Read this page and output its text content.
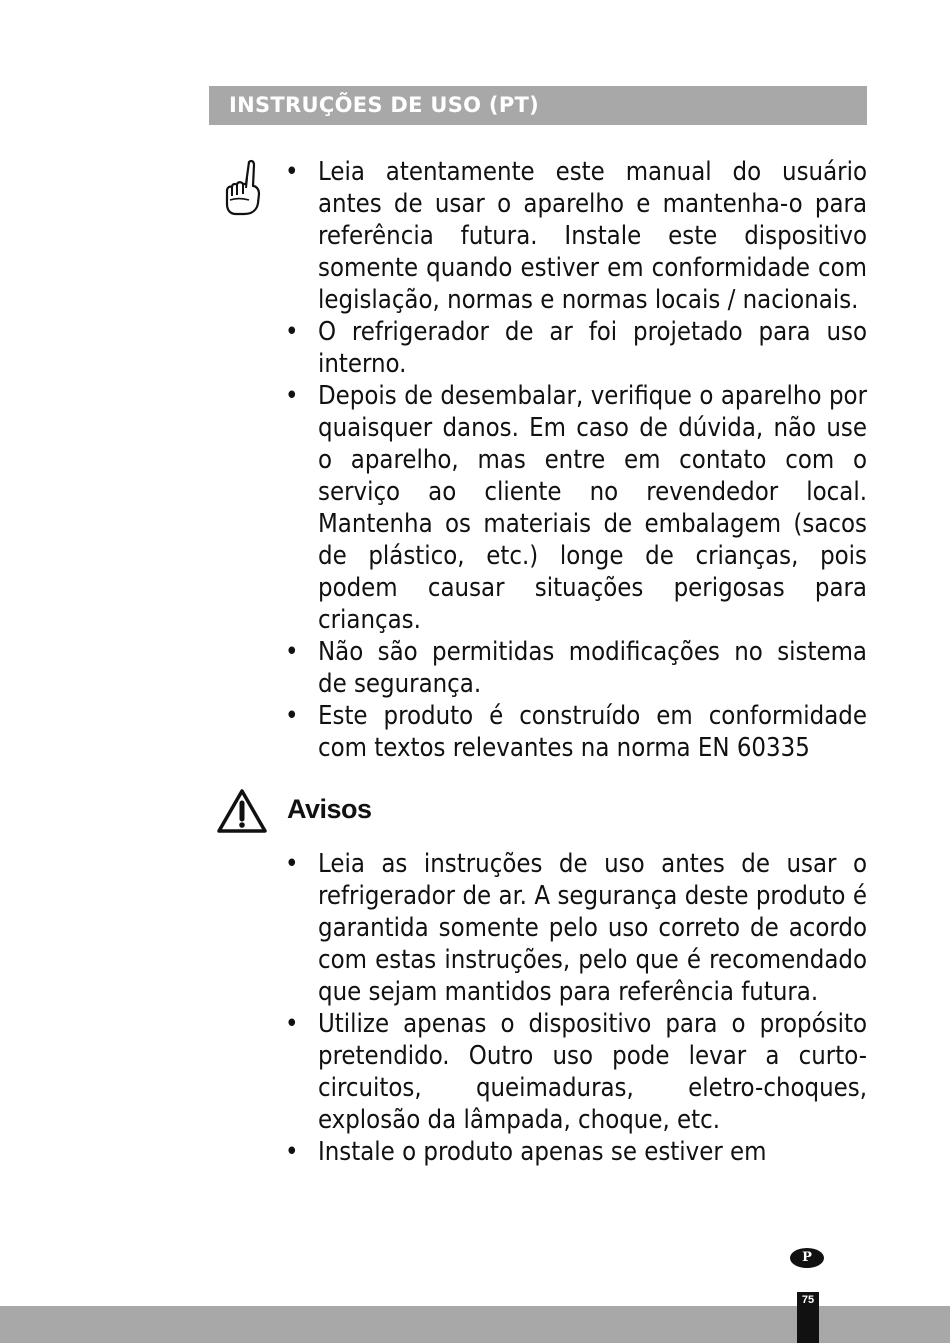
INSTRUÇÕES DE USO (PT)
• Leia atentamente este manual do usuário antes de usar o aparelho e mantenha-o para referência futura. Instale este dispositivo somente quando estiver em conformidade com legislação, normas e normas locais / nacionais.
• O refrigerador de ar foi projetado para uso interno.
• Depois de desembalar, verifique o aparelho por quaisquer danos. Em caso de dúvida, não use o aparelho, mas entre em contato com o serviço ao cliente no revendedor local. Mantenha os materiais de embalagem (sacos de plástico, etc.) longe de crianças, pois podem causar situações perigosas para crianças.
• Não são permitidas modificações no sistema de segurança.
• Este produto é construído em conformidade com textos relevantes na norma EN 60335
Avisos
• Leia as instruções de uso antes de usar o refrigerador de ar. A segurança deste produto é garantida somente pelo uso correto de acordo com estas instruções, pelo que é recomendado que sejam mantidos para referência futura.
• Utilize apenas o dispositivo para o propósito pretendido. Outro uso pode levar a curto-circuitos, queimaduras, eletro-choques, explosão da lâmpada, choque, etc.
• Instale o produto apenas se estiver em
P
75
